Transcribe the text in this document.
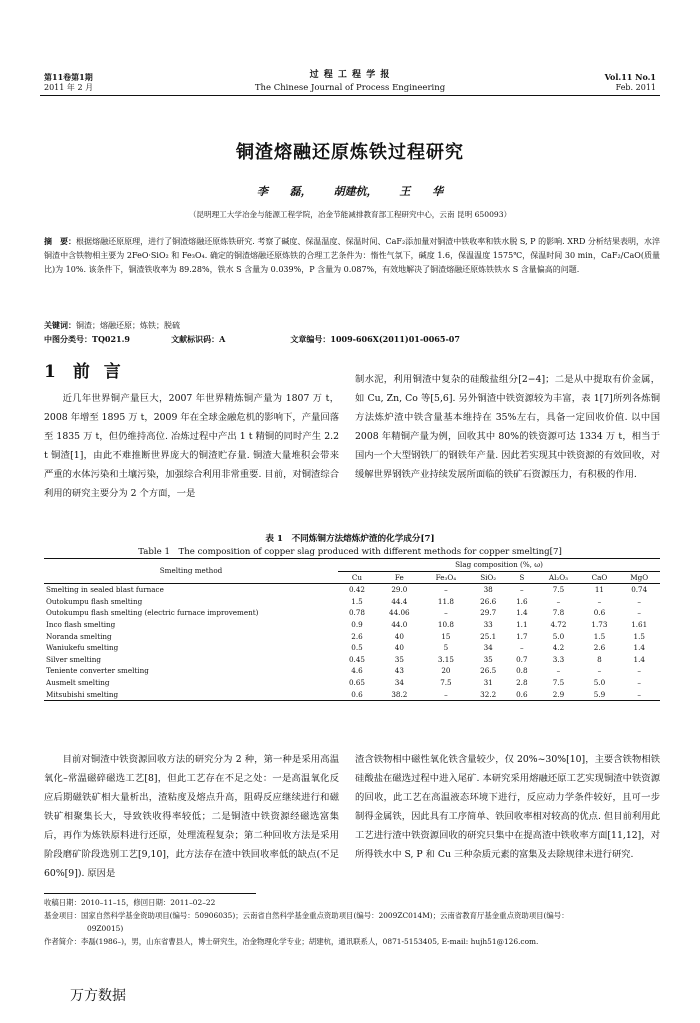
第11卷第1期
2011 年 2 月
过 程 工 程 学 报
The Chinese Journal of Process Engineering
Vol.11 No.1
Feb. 2011
铜渣熔融还原炼铁过程研究
李 磊， 胡建杭， 王 华
（昆明理工大学冶金与能源工程学院，冶金节能减排教育部工程研究中心，云南 昆明 650093）
摘　要：根据熔融还原原理，进行了铜渣熔融还原炼铁研究. 考察了碱度、保温温度、保温时间、CaF₂添加量对铜渣中铁收率和铁水脱 S, P 的影响. XRD 分析结果表明，水淬铜渣中含铁物相主要为 2FeO·SiO₂ 和 Fe₃O₄. 确定的铜渣熔融还原炼铁的合理工艺条件为：惰性气氛下，碱度 1.6，保温温度 1575℃，保温时间 30 min，CaF₂/CaO(质量比)为 10%. 该条件下，铜渣铁收率为 89.28%，铁水 S 含量为 0.039%，P 含量为 0.087%，有效地解决了铜渣熔融还原炼铁铁水 S 含量偏高的问题.
关键词：铜渣；熔融还原；炼铁；脱硫
中图分类号：TQ021.9	文献标识码：A	文章编号：1009-606X(2011)01-0065-07
1　前 言

近几年世界铜产量巨大，2007 年世界精炼铜产量为 1807 万 t，2008 年增至 1895 万 t，2009 年在全球金融危机的影响下，产量回落至 1835 万 t，但仍维持高位. 冶炼过程中产出 1 t 精铜的同时产生 2.2 t 铜渣[1]，由此不难推断世界庞大的铜渣贮存量. 铜渣大量堆积会带来严重的水体污染和土壤污染，加强综合利用非常重要. 目前，对铜渣综合利用的研究主要分为 2 个方面，一是

制水泥，利用铜渣中复杂的硅酸盐组分[2−4]；二是从中提取有价金属，如 Cu, Zn, Co 等[5,6]. 另外铜渣中铁资源较为丰富，表 1[7]所列各炼铜方法炼炉渣中铁含量基本维持在 35%左右，具备一定回收价值. 以中国 2008 年精铜产量为例，回收其中 80%的铁资源可达 1334 万 t，相当于国内一个大型钢铁厂的钢铁年产量. 因此若实现其中铁资源的有效回收，对缓解世界钢铁产业持续发展所面临的铁矿石资源压力，有积极的作用.

表 1　不同炼铜方法熔炼炉渣的化学成分[7]
Table 1　The composition of copper slag produced with different methods for copper smelting[7]
Smelting method	Slag composition (%, ω)							
	Cu	Fe	Fe₃O₄	SiO₂	S	Al₂O₃	CaO	MgO
Smelting in sealed blast furnace	0.42	29.0	–	38	–	7.5	11	0.74
Outokumpu flash smelting	1.5	44.4	11.8	26.6	1.6	–	–	–
Outokumpu flash smelting (electric furnace improvement)	0.78	44.06	–	29.7	1.4	7.8	0.6	–
Inco flash smelting	0.9	44.0	10.8	33	1.1	4.72	1.73	1.61
Noranda smelting	2.6	40	15	25.1	1.7	5.0	1.5	1.5
Waniukefu smelting	0.5	40	5	34	–	4.2	2.6	1.4
Silver smelting	0.45	35	3.15	35	0.7	3.3	8	1.4
Teniente converter smelting	4.6	43	20	26.5	0.8	–	–	–
Ausmelt smelting	0.65	34	7.5	31	2.8	7.5	5.0	–
Mitsubishi smelting	0.6	38.2	–	32.2	0.6	2.9	5.9	–

目前对铜渣中铁资源回收方法的研究分为 2 种，第一种是采用高温氧化–常温磁碎磁选工艺[8]，但此工艺存在不足之处：一是高温氧化反应后期磁铁矿相大量析出，渣粘度及熔点升高，阻碍反应继续进行和磁铁矿相聚集长大，导致铁收得率较低；二是铜渣中铁资源经磁选富集后，再作为炼铁原料进行还原，处理流程复杂；第二种回收方法是采用阶段磨矿阶段选别工艺[9,10]，此方法存在渣中铁回收率低的缺点(不足 60%[9]). 原因是

渣含铁物相中磁性氧化铁含量较少，仅 20%~30%[10]，主要含铁物相铁硅酸盐在磁选过程中进入尾矿. 本研究采用熔融还原工艺实现铜渣中铁资源的回收，此工艺在高温液态环境下进行，反应动力学条件较好，且可一步制得金属铁，因此具有工序简单、铁回收率相对较高的优点. 但目前利用此工艺进行渣中铁资源回收的研究只集中在提高渣中铁收率方面[11,12]，对所得铁水中 S, P 和 Cu 三种杂质元素的富集及去除规律未进行研究.

收稿日期：2010–11–15，修回日期：2011–02–22
基金项目：国家自然科学基金资助项目(编号：50906035)；云南省自然科学基金重点资助项目(编号：2009ZC014M)；云南省教育厅基金重点资助项目(编号：
09Z0015)
作者简介：李磊(1986–)，男，山东省曹县人，博士研究生，冶金物理化学专业；胡建杭，通讯联系人，0871-5153405, E-mail: hujh51@126.com.
万方数据
